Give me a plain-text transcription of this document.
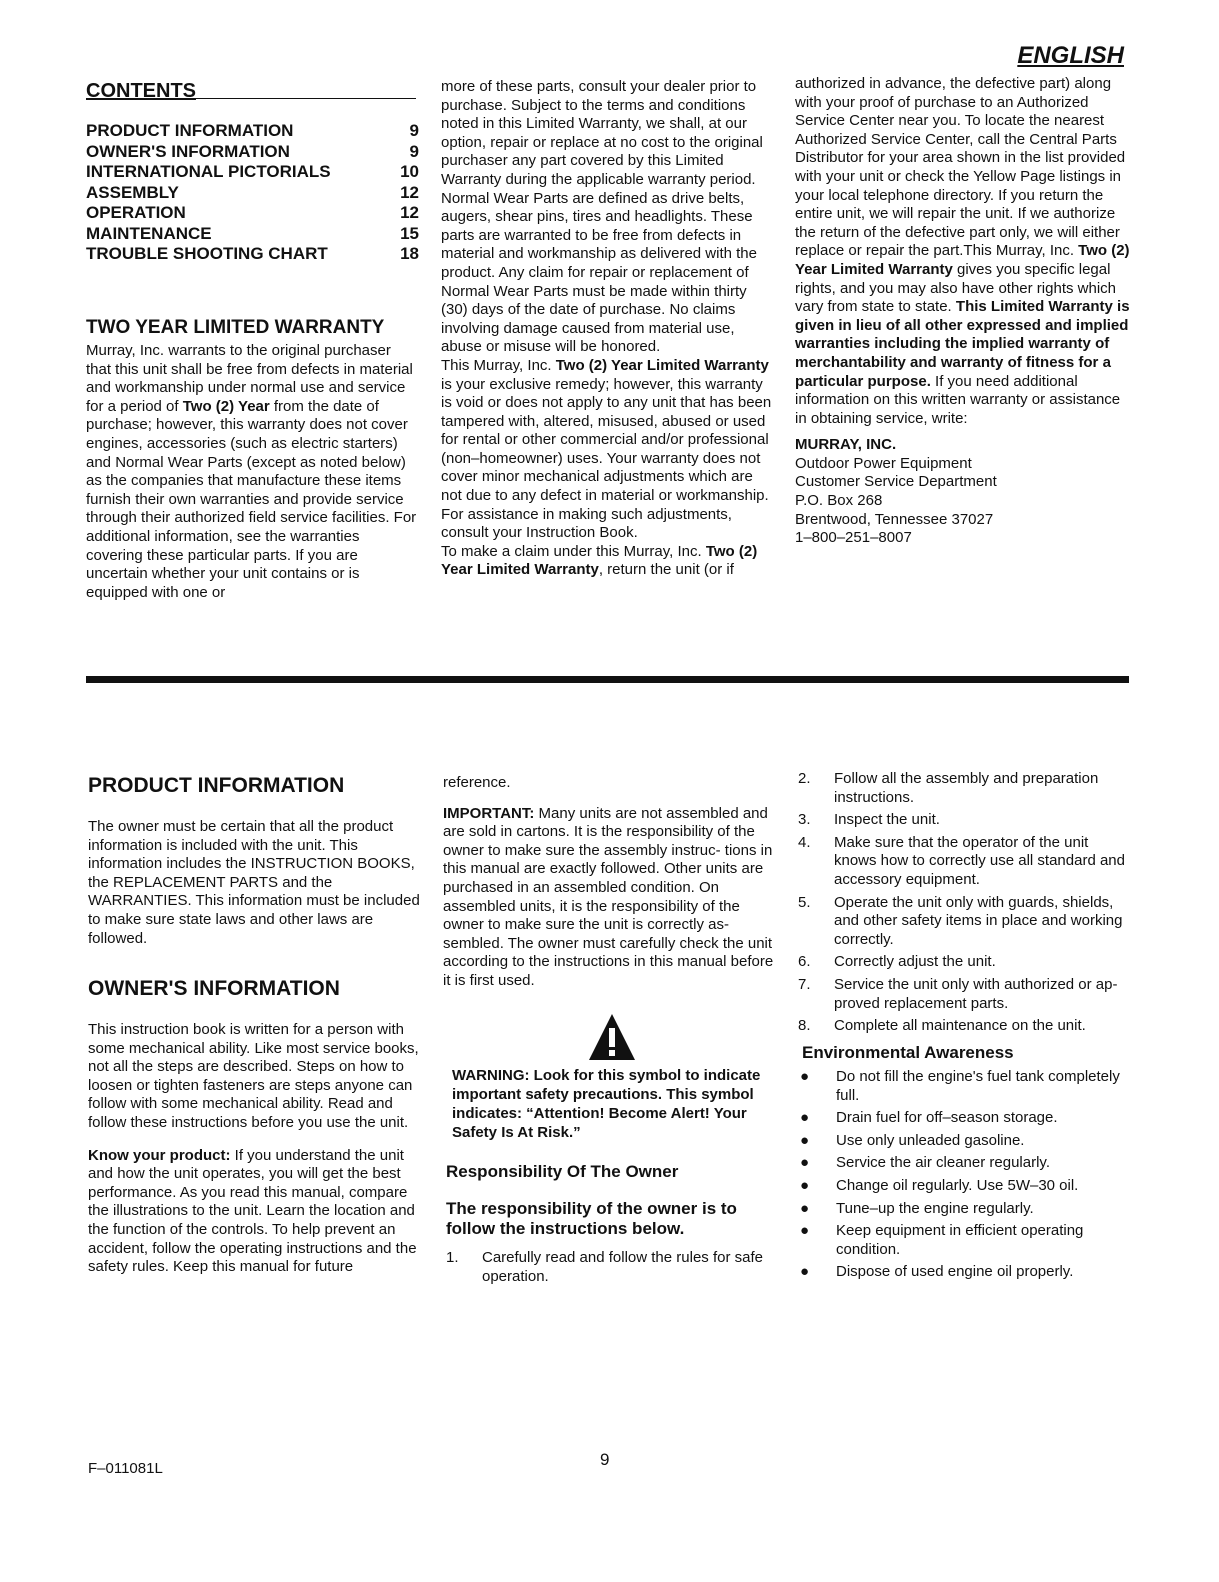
ENGLISH
CONTENTS
PRODUCT INFORMATION	9
OWNER'S INFORMATION	9
INTERNATIONAL PICTORIALS	10
ASSEMBLY	12
OPERATION	12
MAINTENANCE	15
TROUBLE SHOOTING CHART	18
TWO YEAR LIMITED WARRANTY

Murray, Inc. warrants to the original purchaser that this unit shall be free from defects in material and workmanship under normal use and service for a period of Two (2) Year from the date of purchase; however, this warranty does not cover engines, accessories (such as electric starters) and Normal Wear Parts (except as noted below) as the companies that manufacture these items furnish their own warranties and provide service through their authorized field service facilities. For additional information, see the warranties covering these particular parts. If you are uncertain whether your unit contains or is equipped with one or

more of these parts, consult your dealer prior to purchase. Subject to the terms and conditions noted in this Limited Warranty, we shall, at our option, repair or replace at no cost to the original purchaser any part covered by this Limited Warranty during the applicable warranty period. Normal Wear Parts are defined as drive belts, augers, shear pins, tires and headlights. These parts are warranted to be free from defects in material and workmanship as delivered with the product. Any claim for repair or replacement of Normal Wear Parts must be made within thirty (30) days of the date of purchase. No claims involving damage caused from material use, abuse or misuse will be honored.

This Murray, Inc. Two (2) Year Limited Warranty is your exclusive remedy; however, this warranty is void or does not apply to any unit that has been tampered with, altered, misused, abused or used for rental or other commercial and/or professional (non–homeowner) uses. Your warranty does not cover minor mechanical adjustments which are not due to any defect in material or workmanship. For assistance in making such adjustments, consult your Instruction Book.

To make a claim under this Murray, Inc. Two (2) Year Limited Warranty, return the unit (or if

authorized in advance, the defective part) along with your proof of purchase to an Authorized Service Center near you. To locate the nearest Authorized Service Center, call the Central Parts Distributor for your area shown in the list provided with your unit or check the Yellow Page listings in your local telephone directory. If you return the entire unit, we will repair the unit. If we authorize the return of the defective part only, we will either replace or repair the part.This Murray, Inc. Two (2) Year Limited Warranty gives you specific legal rights, and you may also have other rights which vary from state to state. This Limited Warranty is given in lieu of all other expressed and implied warranties including the implied warranty of merchantability and warranty of fitness for a particular purpose. If you need additional information on this written warranty or assistance in obtaining service, write:

MURRAY, INC.

Outdoor Power Equipment

Customer Service Department

P.O. Box 268

Brentwood, Tennessee 37027

1–800–251–8007

PRODUCT INFORMATION
The owner must be certain that all the product information is included with the unit. This information includes the INSTRUCTION BOOKS, the REPLACEMENT PARTS and the WARRANTIES. This information must be included to make sure state laws and other laws are followed.
OWNER'S INFORMATION

This instruction book is written for a person with some mechanical ability. Like most service books, not all the steps are described. Steps on how to loosen or tighten fasteners are steps anyone can follow with some mechanical ability. Read and follow these instructions before you use the unit.

Know your product: If you understand the unit and how the unit operates, you will get the best performance. As you read this manual, compare the illustrations to the unit. Learn the location and the function of the controls. To help prevent an accident, follow the operating instructions and the safety rules. Keep this manual for future

reference.

IMPORTANT: Many units are not assembled and are sold in cartons. It is the responsibility of the owner to make sure the assembly instruc- tions in this manual are exactly followed. Other units are purchased in an assembled condition. On assembled units, it is the responsibility of the owner to make sure the unit is correctly as- sembled. The owner must carefully check the unit according to the instructions in this manual before it is first used.

WARNING: Look for this symbol to indicate important safety precautions. This symbol indicates: “Attention! Become Alert! Your Safety Is At Risk.”
Responsibility Of The Owner
The responsibility of the owner is to follow the instructions below.
1. Carefully read and follow the rules for safe operation.
2. Follow all the assembly and preparation instructions.
3. Inspect the unit.
4. Make sure that the operator of the unit knows how to correctly use all standard and accessory equipment.
5. Operate the unit only with guards, shields, and other safety items in place and working correctly.
6. Correctly adjust the unit.
7. Service the unit only with authorized or ap- proved replacement parts.
8. Complete all maintenance on the unit.
Environmental Awareness
● Do not fill the engine's fuel tank completely full.
● Drain fuel for off–season storage.
● Use only unleaded gasoline.
● Service the air cleaner regularly.
● Change oil regularly. Use 5W–30 oil.
● Tune–up the engine regularly.
● Keep equipment in efficient operating condition.
● Dispose of used engine oil properly.
F–011081L	9
